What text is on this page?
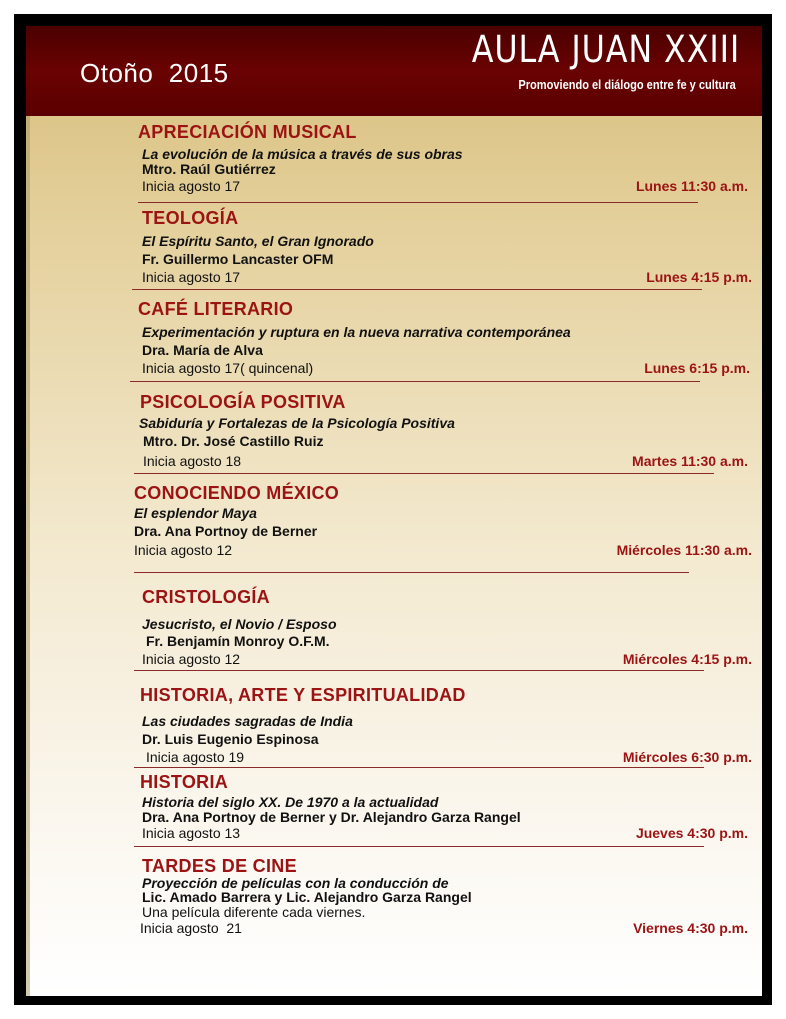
Otoño  2015
AULA JUAN XXIII
Promoviendo el diálogo entre fe y cultura
APRECIACIÓN MUSICAL
La evolución de la música a través de sus obras
Mtro. Raúl Gutiérrez
Inicia agosto 17	Lunes 11:30 a.m.
TEOLOGÍA
El Espíritu Santo, el Gran Ignorado
Fr. Guillermo Lancaster OFM
Inicia agosto 17	Lunes 4:15 p.m.
CAFÉ LITERARIO
Experimentación y ruptura en la nueva narrativa contemporánea
Dra. María de Alva
Inicia agosto 17( quincenal)	Lunes 6:15 p.m.
PSICOLOGÍA POSITIVA
Sabiduría y Fortalezas de la Psicología Positiva
Mtro. Dr. José Castillo Ruiz
Inicia agosto 18	Martes 11:30 a.m.
CONOCIENDO MÉXICO
El esplendor Maya
Dra. Ana Portnoy de Berner
Inicia agosto 12	Miércoles 11:30 a.m.
CRISTOLOGÍA
Jesucristo, el Novio / Esposo
Fr. Benjamín Monroy O.F.M.
Inicia agosto 12	Miércoles 4:15 p.m.
HISTORIA, ARTE Y ESPIRITUALIDAD
Las ciudades sagradas de India
Dr. Luis Eugenio Espinosa
Inicia agosto 19	Miércoles 6:30 p.m.
HISTORIA
Historia del siglo XX. De 1970 a la actualidad
Dra. Ana Portnoy de Berner y Dr. Alejandro Garza Rangel
Inicia agosto 13	Jueves 4:30 p.m.
TARDES DE CINE
Proyección de películas con la conducción de
Lic. Amado Barrera y Lic. Alejandro Garza Rangel
Una película diferente cada viernes.
Inicia agosto  21	Viernes 4:30 p.m.
